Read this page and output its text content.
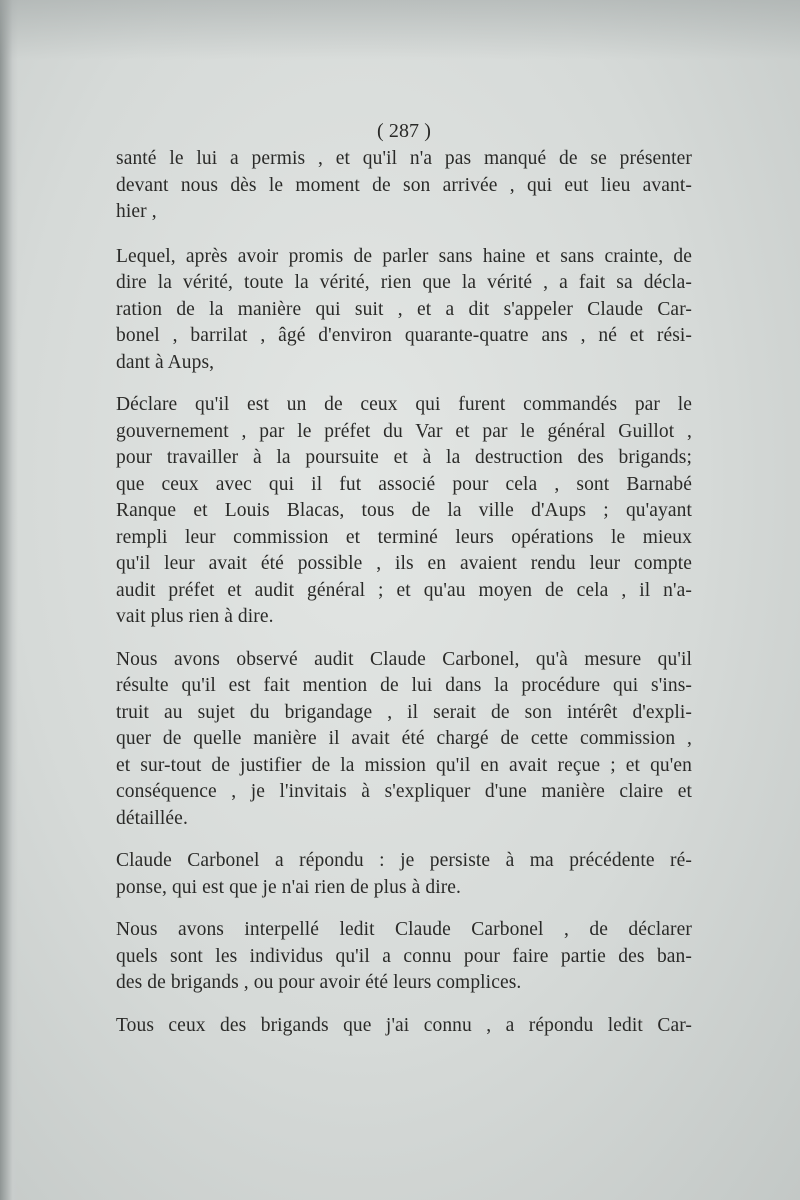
( 287 )
santé le lui a permis , et qu'il n'a pas manqué de se présenter
devant nous dès le moment de son arrivée , qui eut lieu avant-
hier ,
Lequel, après avoir promis de parler sans haine et sans crainte, de
dire la vérité, toute la vérité, rien que la vérité , a fait sa décla-
ration de la manière qui suit , et a dit s'appeler Claude Car-
bonel , barrilat , âgé d'environ quarante-quatre ans , né et rési-
dant à Aups,
Déclare qu'il est un de ceux qui furent commandés par le
gouvernement , par le préfet du Var et par le général Guillot ,
pour travailler à la poursuite et à la destruction des brigands;
que ceux avec qui il fut associé pour cela , sont Barnabé
Ranque et Louis Blacas, tous de la ville d'Aups ; qu'ayant
rempli leur commission et terminé leurs opérations le mieux
qu'il leur avait été possible , ils en avaient rendu leur compte
audit préfet et audit général ; et qu'au moyen de cela , il n'a-
vait plus rien à dire.
Nous avons observé audit Claude Carbonel, qu'à mesure qu'il
résulte qu'il est fait mention de lui dans la procédure qui s'ins-
truit au sujet du brigandage , il serait de son intérêt d'expli-
quer de quelle manière il avait été chargé de cette commission ,
et sur-tout de justifier de la mission qu'il en avait reçue ; et qu'en
conséquence , je l'invitais à s'expliquer d'une manière claire et
détaillée.
Claude Carbonel a répondu : je persiste à ma précédente ré-
ponse, qui est que je n'ai rien de plus à dire.
Nous avons interpellé ledit Claude Carbonel , de déclarer
quels sont les individus qu'il a connu pour faire partie des ban-
des de brigands , ou pour avoir été leurs complices.
Tous ceux des brigands que j'ai connu , a répondu ledit Car-
